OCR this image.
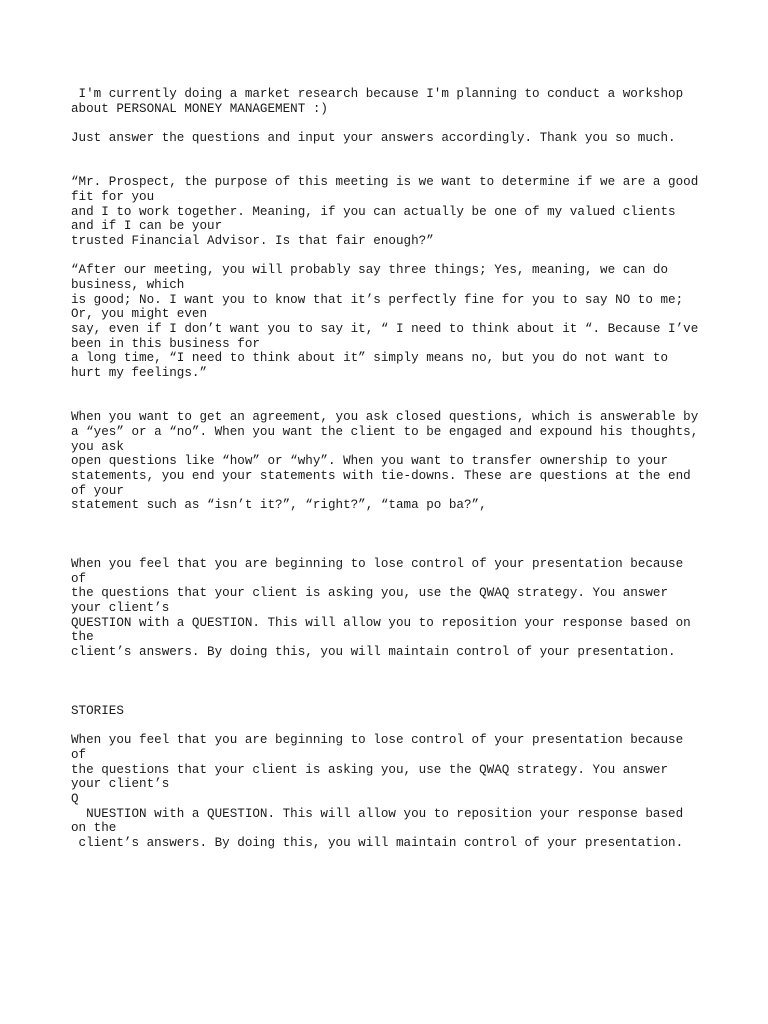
I'm currently doing a market research because I'm planning to conduct a workshop
about PERSONAL MONEY MANAGEMENT :)
Just answer the questions and input your answers accordingly. Thank you so much.
“Mr. Prospect, the purpose of this meeting is we want to determine if we are a good
fit for you
and I to work together. Meaning, if you can actually be one of my valued clients
and if I can be your
trusted Financial Advisor. Is that fair enough?”
“After our meeting, you will probably say three things; Yes, meaning, we can do
business, which
is good; No. I want you to know that it’s perfectly fine for you to say NO to me;
Or, you might even
say, even if I don’t want you to say it, “ I need to think about it “. Because I’ve
been in this business for
a long time, “I need to think about it” simply means no, but you do not want to
hurt my feelings.”
When you want to get an agreement, you ask closed questions, which is answerable by
a “yes” or a “no”. When you want the client to be engaged and expound his thoughts,
you ask
open questions like “how” or “why”. When you want to transfer ownership to your
statements, you end your statements with tie-downs. These are questions at the end
of your
statement such as “isn’t it?”, “right?”, “tama po ba?”,
When you feel that you are beginning to lose control of your presentation because
of
the questions that your client is asking you, use the QWAQ strategy. You answer
your client’s
QUESTION with a QUESTION. This will allow you to reposition your response based on
the
client’s answers. By doing this, you will maintain control of your presentation.
STORIES
When you feel that you are beginning to lose control of your presentation because
of
the questions that your client is asking you, use the QWAQ strategy. You answer
your client’s
Q
NUESTION with a QUESTION. This will allow you to reposition your response based
on the
client’s answers. By doing this, you will maintain control of your presentation.
